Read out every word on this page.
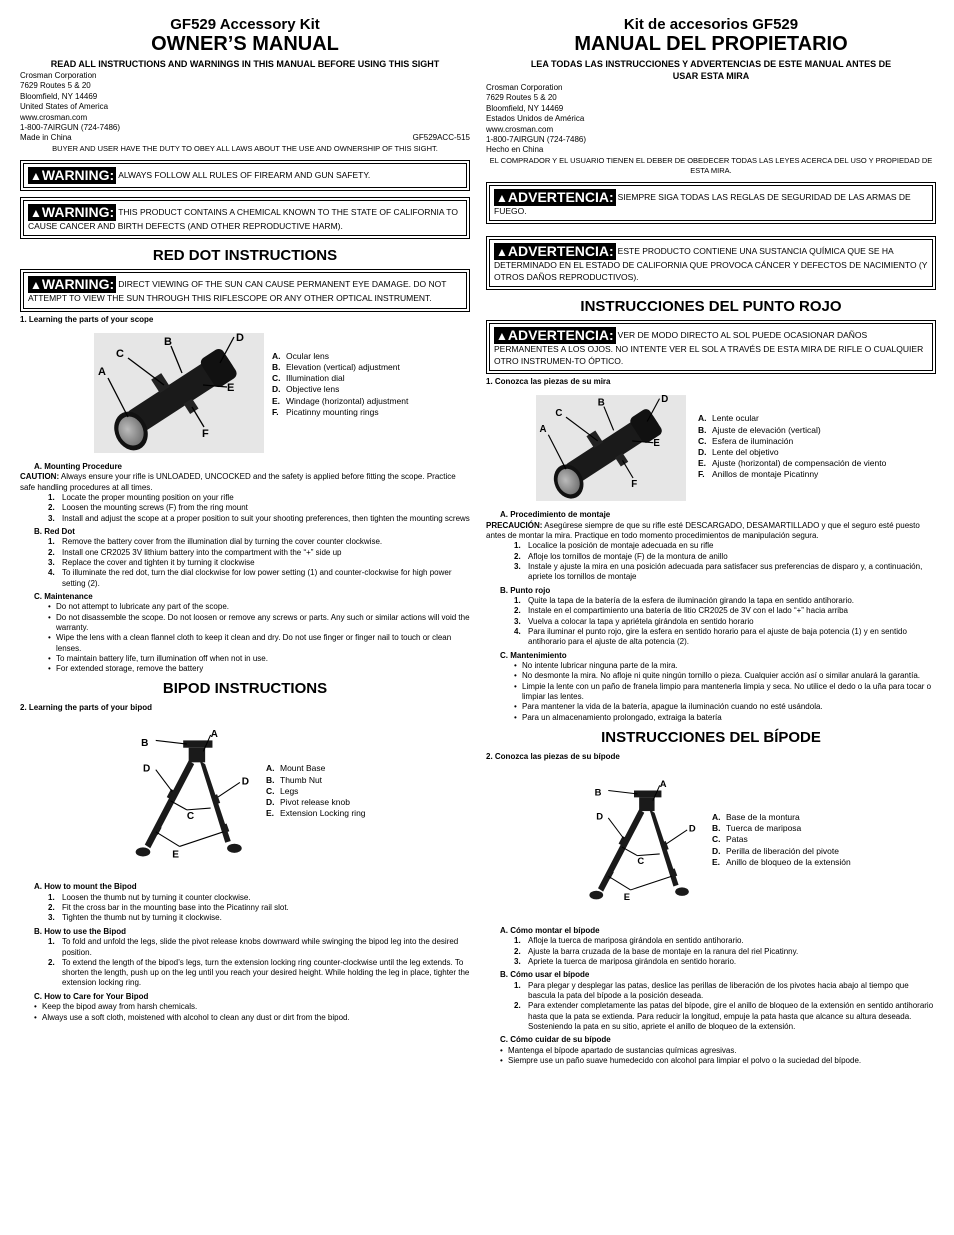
GF529 Accessory Kit

OWNER’S MANUAL

READ ALL INSTRUCTIONS AND WARNINGS IN THIS MANUAL BEFORE USING THIS SIGHT

Crosman Corporation
7629 Routes 5 & 20
Bloomfield, NY 14469
United States of America
www.crosman.com
1-800-7AIRGUN (724-7486)
Made in China	GF529ACC-515
BUYER AND USER HAVE THE DUTY TO OBEY ALL LAWS ABOUT THE USE AND OWNERSHIP OF THIS SIGHT.
▲WARNING: ALWAYS FOLLOW ALL RULES OF FIREARM AND GUN SAFETY.
▲WARNING: THIS PRODUCT CONTAINS A CHEMICAL KNOWN TO THE STATE OF CALIFORNIA TO CAUSE CANCER AND BIRTH DEFECTS (AND OTHER REPRODUCTIVE HARM).
RED DOT INSTRUCTIONS
▲WARNING: DIRECT VIEWING OF THE SUN CAN CAUSE PERMANENT EYE DAMAGE. DO NOT ATTEMPT TO VIEW THE SUN THROUGH THIS RIFLESCOPE OR ANY OTHER OPTICAL INSTRUMENT.
1. Learning the parts of your scope
A
C
B	D
E
F
A. Ocular lens
B. Elevation (vertical) adjustment
C. Illumination dial
D. Objective lens
E. Windage (horizontal) adjustment
F. Picatinny mounting rings
A. Mounting Procedure
CAUTION: Always ensure your rifle is UNLOADED, UNCOCKED and the safety is applied before fitting the scope. Practice safe handling procedures at all times.
1. Locate the proper mounting position on your rifle
2. Loosen the mounting screws (F) from the ring mount
3. Install and adjust the scope at a proper position to suit your shooting preferences, then tighten the mounting screws
B. Red Dot
1. Remove the battery cover from the illumination dial by turning the cover counter clockwise.
2. Install one CR2025 3V lithium battery into the compartment with the “+” side up
3. Replace the cover and tighten it by turning it clockwise
4. To illuminate the red dot, turn the dial clockwise for low power setting (1) and counter-clockwise for high power setting (2).
C. Maintenance
• Do not attempt to lubricate any part of the scope.
• Do not disassemble the scope. Do not loosen or remove any screws or parts. Any such or similar actions will void the warranty.
• Wipe the lens with a clean flannel cloth to keep it clean and dry. Do not use finger or finger nail to touch or clean lenses.
• To maintain battery life, turn illumination off when not in use.
• For extended storage, remove the battery
BIPOD INSTRUCTIONS
2. Learning the parts of your bipod
A
B
D
D
C
E
A. Mount Base
B. Thumb Nut
C. Legs
D. Pivot release knob
E. Extension Locking ring
A. How to mount the Bipod
1. Loosen the thumb nut by turning it counter clockwise.
2. Fit the cross bar in the mounting base into the Picatinny rail slot.
3. Tighten the thumb nut by turning it clockwise.
B. How to use the Bipod
1. To fold and unfold the legs, slide the pivot release knobs downward while swinging the bipod leg into the desired position.
2. To extend the length of the bipod’s legs, turn the extension locking ring counter-clockwise until the leg extends. To shorten the length, push up on the leg until you reach your desired height. While holding the leg in place, tighter the extension locking ring.
C. How to Care for Your Bipod
• Keep the bipod away from harsh chemicals.
• Always use a soft cloth, moistened with alcohol to clean any dust or dirt from the bipod.

Kit de accesorios GF529

MANUAL DEL PROPIETARIO

LEA TODAS LAS INSTRUCCIONES Y ADVERTENCIAS DE ESTE MANUAL ANTES DE USAR ESTA MIRA

Crosman Corporation
7629 Routes 5 & 20
Bloomfield, NY 14469
Estados Unidos de América
www.crosman.com
1-800-7AIRGUN (724-7486)
Hecho en China
EL COMPRADOR Y EL USUARIO TIENEN EL DEBER DE OBEDECER TODAS LAS LEYES ACERCA DEL USO Y PROPIEDAD DE ESTA MIRA.
▲ADVERTENCIA: SIEMPRE SIGA TODAS LAS REGLAS DE SEGURIDAD DE LAS ARMAS DE FUEGO.
▲ADVERTENCIA: ESTE PRODUCTO CONTIENE UNA SUSTANCIA QUÍMICA QUE SE HA DETERMINADO EN EL ESTADO DE CALIFORNIA QUE PROVOCA CÁNCER Y DEFECTOS DE NACIMIENTO (Y OTROS DAÑOS REPRODUCTIVOS).
INSTRUCCIONES DEL PUNTO ROJO
▲ADVERTENCIA: VER DE MODO DIRECTO AL SOL PUEDE OCASIONAR DAÑOS PERMANENTES A LOS OJOS. NO INTENTE VER EL SOL A TRAVÉS DE ESTA MIRA DE RIFLE O CUALQUIER OTRO INSTRUMEN-TO ÓPTICO.
1. Conozca las piezas de su mira
A
C
B	D
E
F
A. Lente ocular
B. Ajuste de elevación (vertical)
C. Esfera de iluminación
D. Lente del objetivo
E. Ajuste (horizontal) de compensación de viento
F. Anillos de montaje Picatinny
A. Procedimiento de montaje
PRECAUCIÓN: Asegúrese siempre de que su rifle esté DESCARGADO, DESAMARTILLADO y que el seguro esté puesto antes de montar la mira. Practique en todo momento procedimientos de manipulación segura.
1. Localice la posición de montaje adecuada en su rifle
2. Afloje los tornillos de montaje (F) de la montura de anillo
3. Instale y ajuste la mira en una posición adecuada para satisfacer sus preferencias de disparo y, a continuación, apriete los tornillos de montaje
B. Punto rojo
1. Quite la tapa de la batería de la esfera de iluminación girando la tapa en sentido antihorario.
2. Instale en el compartimiento una batería de litio CR2025 de 3V con el lado “+” hacia arriba
3. Vuelva a colocar la tapa y apriétela girándola en sentido horario
4. Para iluminar el punto rojo, gire la esfera en sentido horario para el ajuste de baja potencia (1) y en sentido antihorario para el ajuste de alta potencia (2).
C. Mantenimiento
• No intente lubricar ninguna parte de la mira.
• No desmonte la mira. No afloje ni quite ningún tornillo o pieza. Cualquier acción así o similar anulará la garantía.
• Limpie la lente con un paño de franela limpio para mantenerla limpia y seca. No utilice el dedo o la uña para tocar o limpiar las lentes.
• Para mantener la vida de la batería, apague la iluminación cuando no esté usándola.
• Para un almacenamiento prolongado, extraiga la batería
INSTRUCCIONES DEL BÍPODE
2. Conozca las piezas de su bípode
A
B
D
D
C
E
A. Base de la montura
B. Tuerca de mariposa
C. Patas
D. Perilla de liberación del pivote
E. Anillo de bloqueo de la extensión
A. Cómo montar el bípode
1. Afloje la tuerca de mariposa girándola en sentido antihorario.
2. Ajuste la barra cruzada de la base de montaje en la ranura del riel Picatinny.
3. Apriete la tuerca de mariposa girándola en sentido horario.
B. Cómo usar el bípode
1. Para plegar y desplegar las patas, deslice las perillas de liberación de los pivotes hacia abajo al tiempo que bascula la pata del bípode a la posición deseada.
2. Para extender completamente las patas del bípode, gire el anillo de bloqueo de la extensión en sentido antihorario hasta que la pata se extienda. Para reducir la longitud, empuje la pata hasta que alcance su altura deseada. Sosteniendo la pata en su sitio, apriete el anillo de bloqueo de la extensión.
C. Cómo cuidar de su bípode
• Mantenga el bípode apartado de sustancias químicas agresivas.
• Siempre use un paño suave humedecido con alcohol para limpiar el polvo o la suciedad del bípode.
